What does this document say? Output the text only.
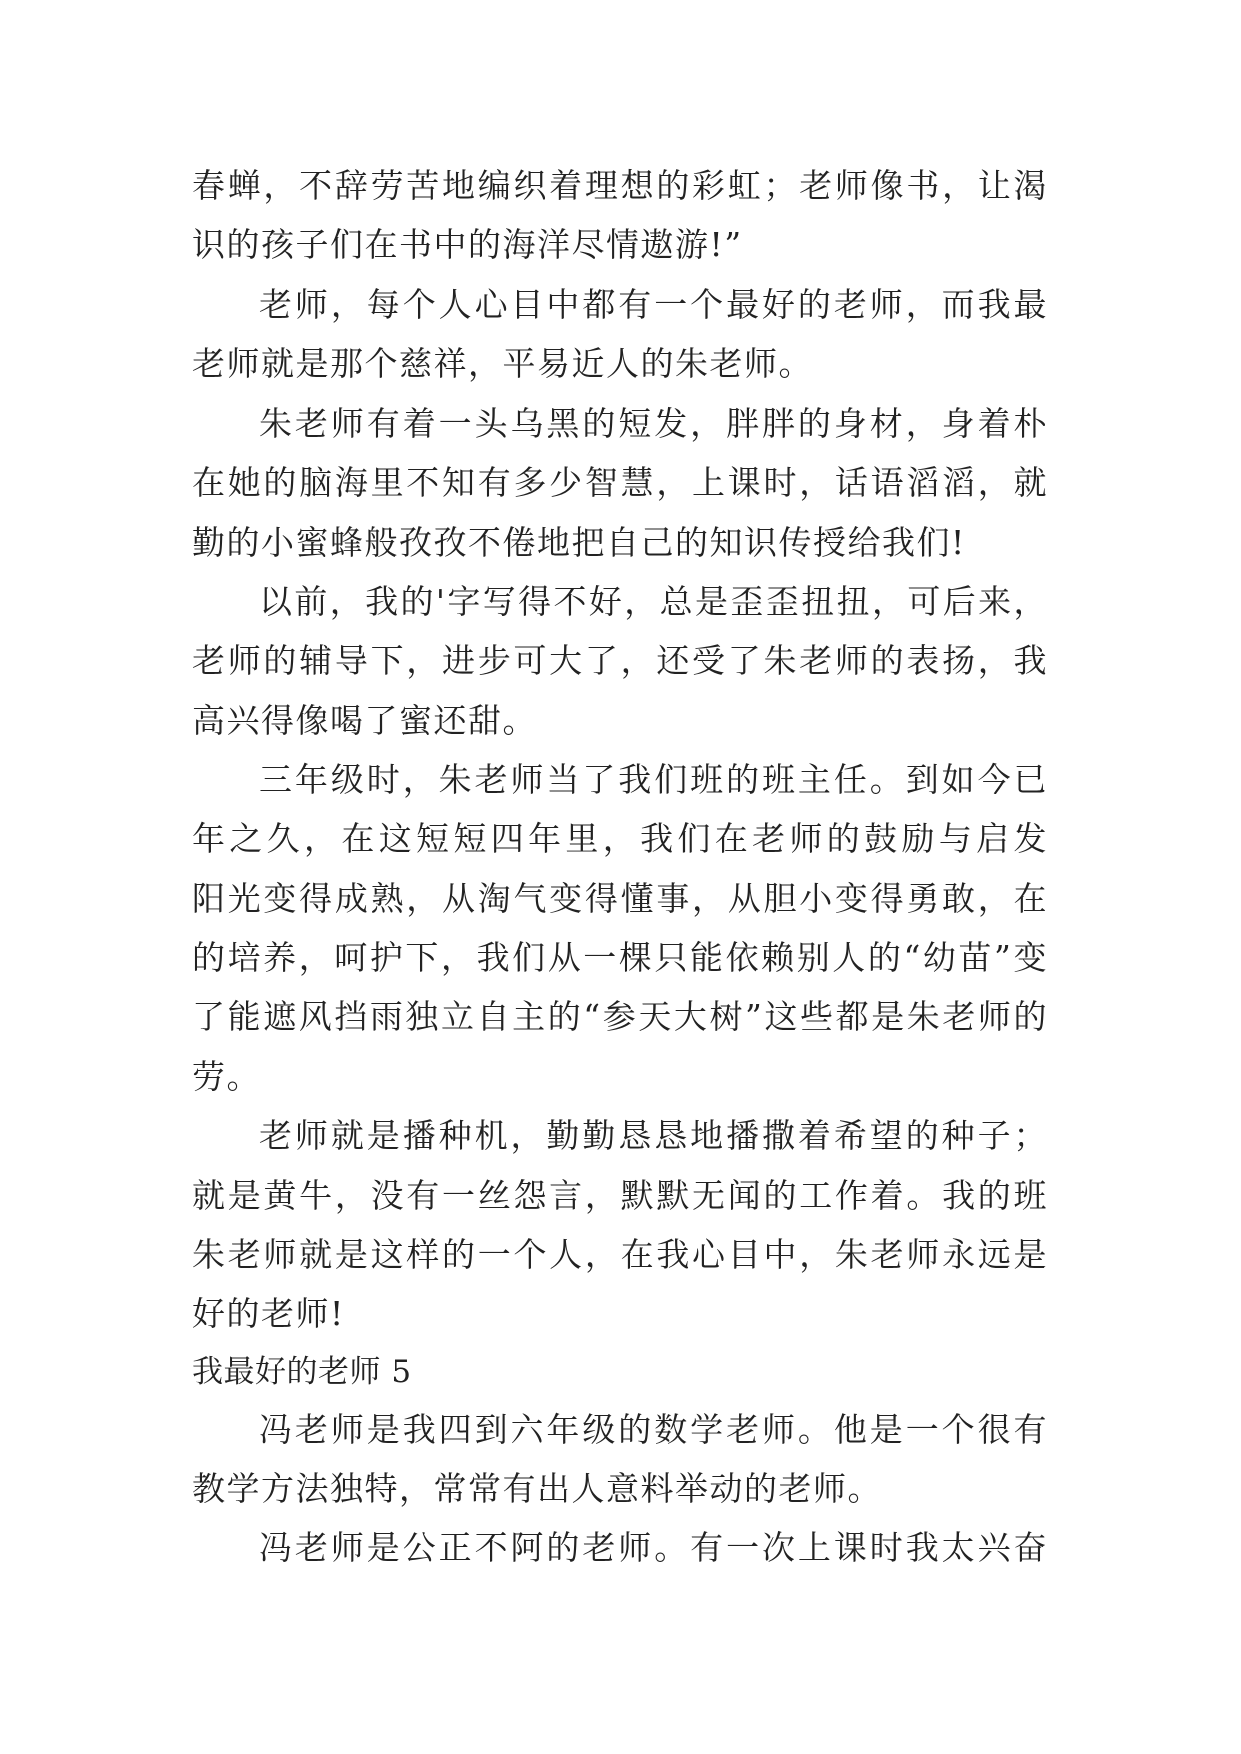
春蝉，不辞劳苦地编织着理想的彩虹；老师像书，让渴
识的孩子们在书中的海洋尽情遨游!”
老师，每个人心目中都有一个最好的老师，而我最
老师就是那个慈祥，平易近人的朱老师。
朱老师有着一头乌黑的短发，胖胖的身材，身着朴
在她的脑海里不知有多少智慧，上课时，话语滔滔，就
勤的小蜜蜂般孜孜不倦地把自己的知识传授给我们!
以前，我的'字写得不好，总是歪歪扭扭，可后来，
老师的辅导下，进步可大了，还受了朱老师的表扬，我
高兴得像喝了蜜还甜。
三年级时，朱老师当了我们班的班主任。到如今已
年之久，在这短短四年里，我们在老师的鼓励与启发
阳光变得成熟，从淘气变得懂事，从胆小变得勇敢，在
的培养，呵护下，我们从一棵只能依赖别人的“幼苗”变
了能遮风挡雨独立自主的“参天大树”这些都是朱老师的
劳。
老师就是播种机，勤勤恳恳地播撒着希望的种子；
就是黄牛，没有一丝怨言，默默无闻的工作着。我的班
朱老师就是这样的一个人，在我心目中，朱老师永远是
好的老师!
我最好的老师 5
冯老师是我四到六年级的数学老师。他是一个很有
教学方法独特，常常有出人意料举动的老师。
冯老师是公正不阿的老师。有一次上课时我太兴奋
